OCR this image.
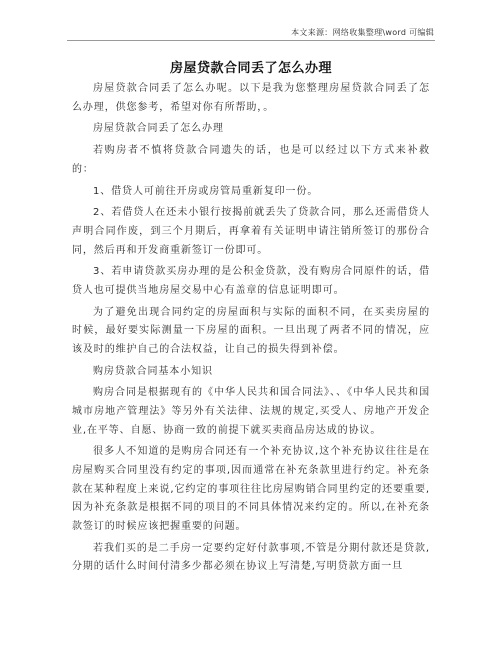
本文来源：网络收集整理\word 可编辑
房屋贷款合同丢了怎么办理

房屋贷款合同丢了怎么办呢。以下是我为您整理房屋贷款合同丢了怎么办理，供您参考，希望对你有所帮助，。

房屋贷款合同丢了怎么办理

若购房者不慎将贷款合同遗失的话，也是可以经过以下方式来补救的：

1、借贷人可前往开房或房管局重新复印一份。

2、若借贷人在还未小银行按揭前就丢失了贷款合同，那么还需借贷人声明合同作废，到三个月期后，再拿着有关证明申请注销所签订的那份合同，然后再和开发商重新签订一份即可。

3、若申请贷款买房办理的是公积金贷款，没有购房合同原件的话，借贷人也可提供当地房屋交易中心有盖章的信息证明即可。

为了避免出现合同约定的房屋面积与实际的面积不同，在买卖房屋的时候，最好要实际测量一下房屋的面积。一旦出现了两者不同的情况，应该及时的维护自己的合法权益，让自己的损失得到补偿。

购房贷款合同基本小知识

购房合同是根据现有的《中华人民共和国合同法》、、《中华人民共和国城市房地产管理法》等另外有关法律、法规的规定,买受人、房地产开发企业,在平等、自愿、协商一致的前提下就买卖商品房达成的协议。

很多人不知道的是购房合同还有一个补充协议,这个补充协议往往是在房屋购买合同里没有约定的事项,因而通常在补充条款里进行约定。补充条款在某种程度上来说,它约定的事项往往比房屋购销合同里约定的还要重要,因为补充条款是根据不同的项目的不同具体情况来约定的。所以,在补充条款签订的时候应该把握重要的问题。

若我们买的是二手房一定要约定好付款事项,不管是分期付款还是贷款,分期的话什么时间付清多少都必须在协议上写清楚,写明贷款方面一旦
